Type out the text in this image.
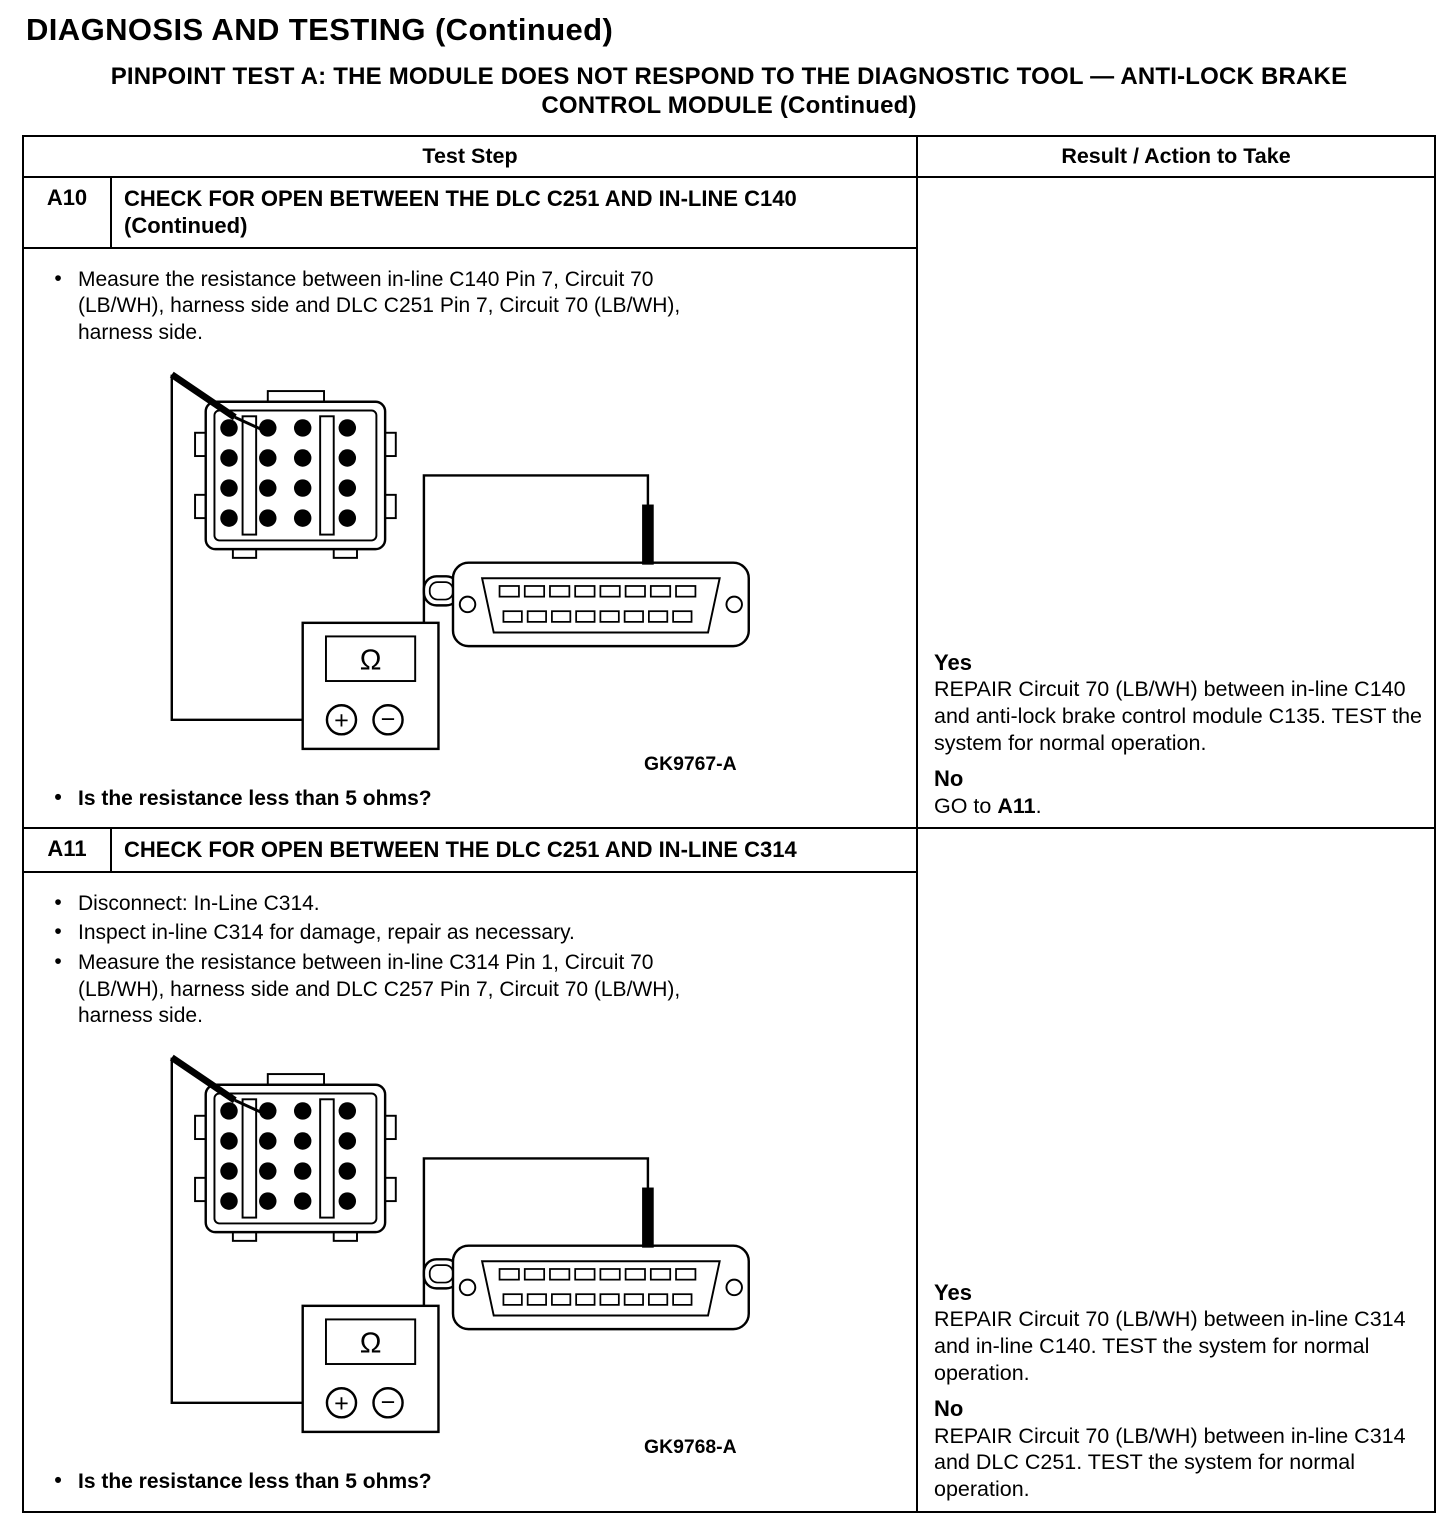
DIAGNOSIS AND TESTING (Continued)
PINPOINT TEST A: THE MODULE DOES NOT RESPOND TO THE DIAGNOSTIC TOOL — ANTI-LOCK BRAKE CONTROL MODULE (Continued)
Test Step	Result / Action to Take
A10	CHECK FOR OPEN BETWEEN THE DLC C251 AND IN-LINE C140 (Continued)
• Measure the resistance between in-line C140 Pin 7, Circuit 70 (LB/WH), harness side and DLC C251 Pin 7, Circuit 70 (LB/WH), harness side.
Ω
+ −
GK9767-A
• Is the resistance less than 5 ohms?
Yes
REPAIR Circuit 70 (LB/WH) between in-line C140 and anti-lock brake control module C135. TEST the system for normal operation.
No
GO to A11.
A11	CHECK FOR OPEN BETWEEN THE DLC C251 AND IN-LINE C314
• Disconnect: In-Line C314.
• Inspect in-line C314 for damage, repair as necessary.
• Measure the resistance between in-line C314 Pin 1, Circuit 70 (LB/WH), harness side and DLC C257 Pin 7, Circuit 70 (LB/WH), harness side.
Ω
+ −
GK9768-A
• Is the resistance less than 5 ohms?
Yes
REPAIR Circuit 70 (LB/WH) between in-line C314 and in-line C140. TEST the system for normal operation.
No
REPAIR Circuit 70 (LB/WH) between in-line C314 and DLC C251. TEST the system for normal operation.
